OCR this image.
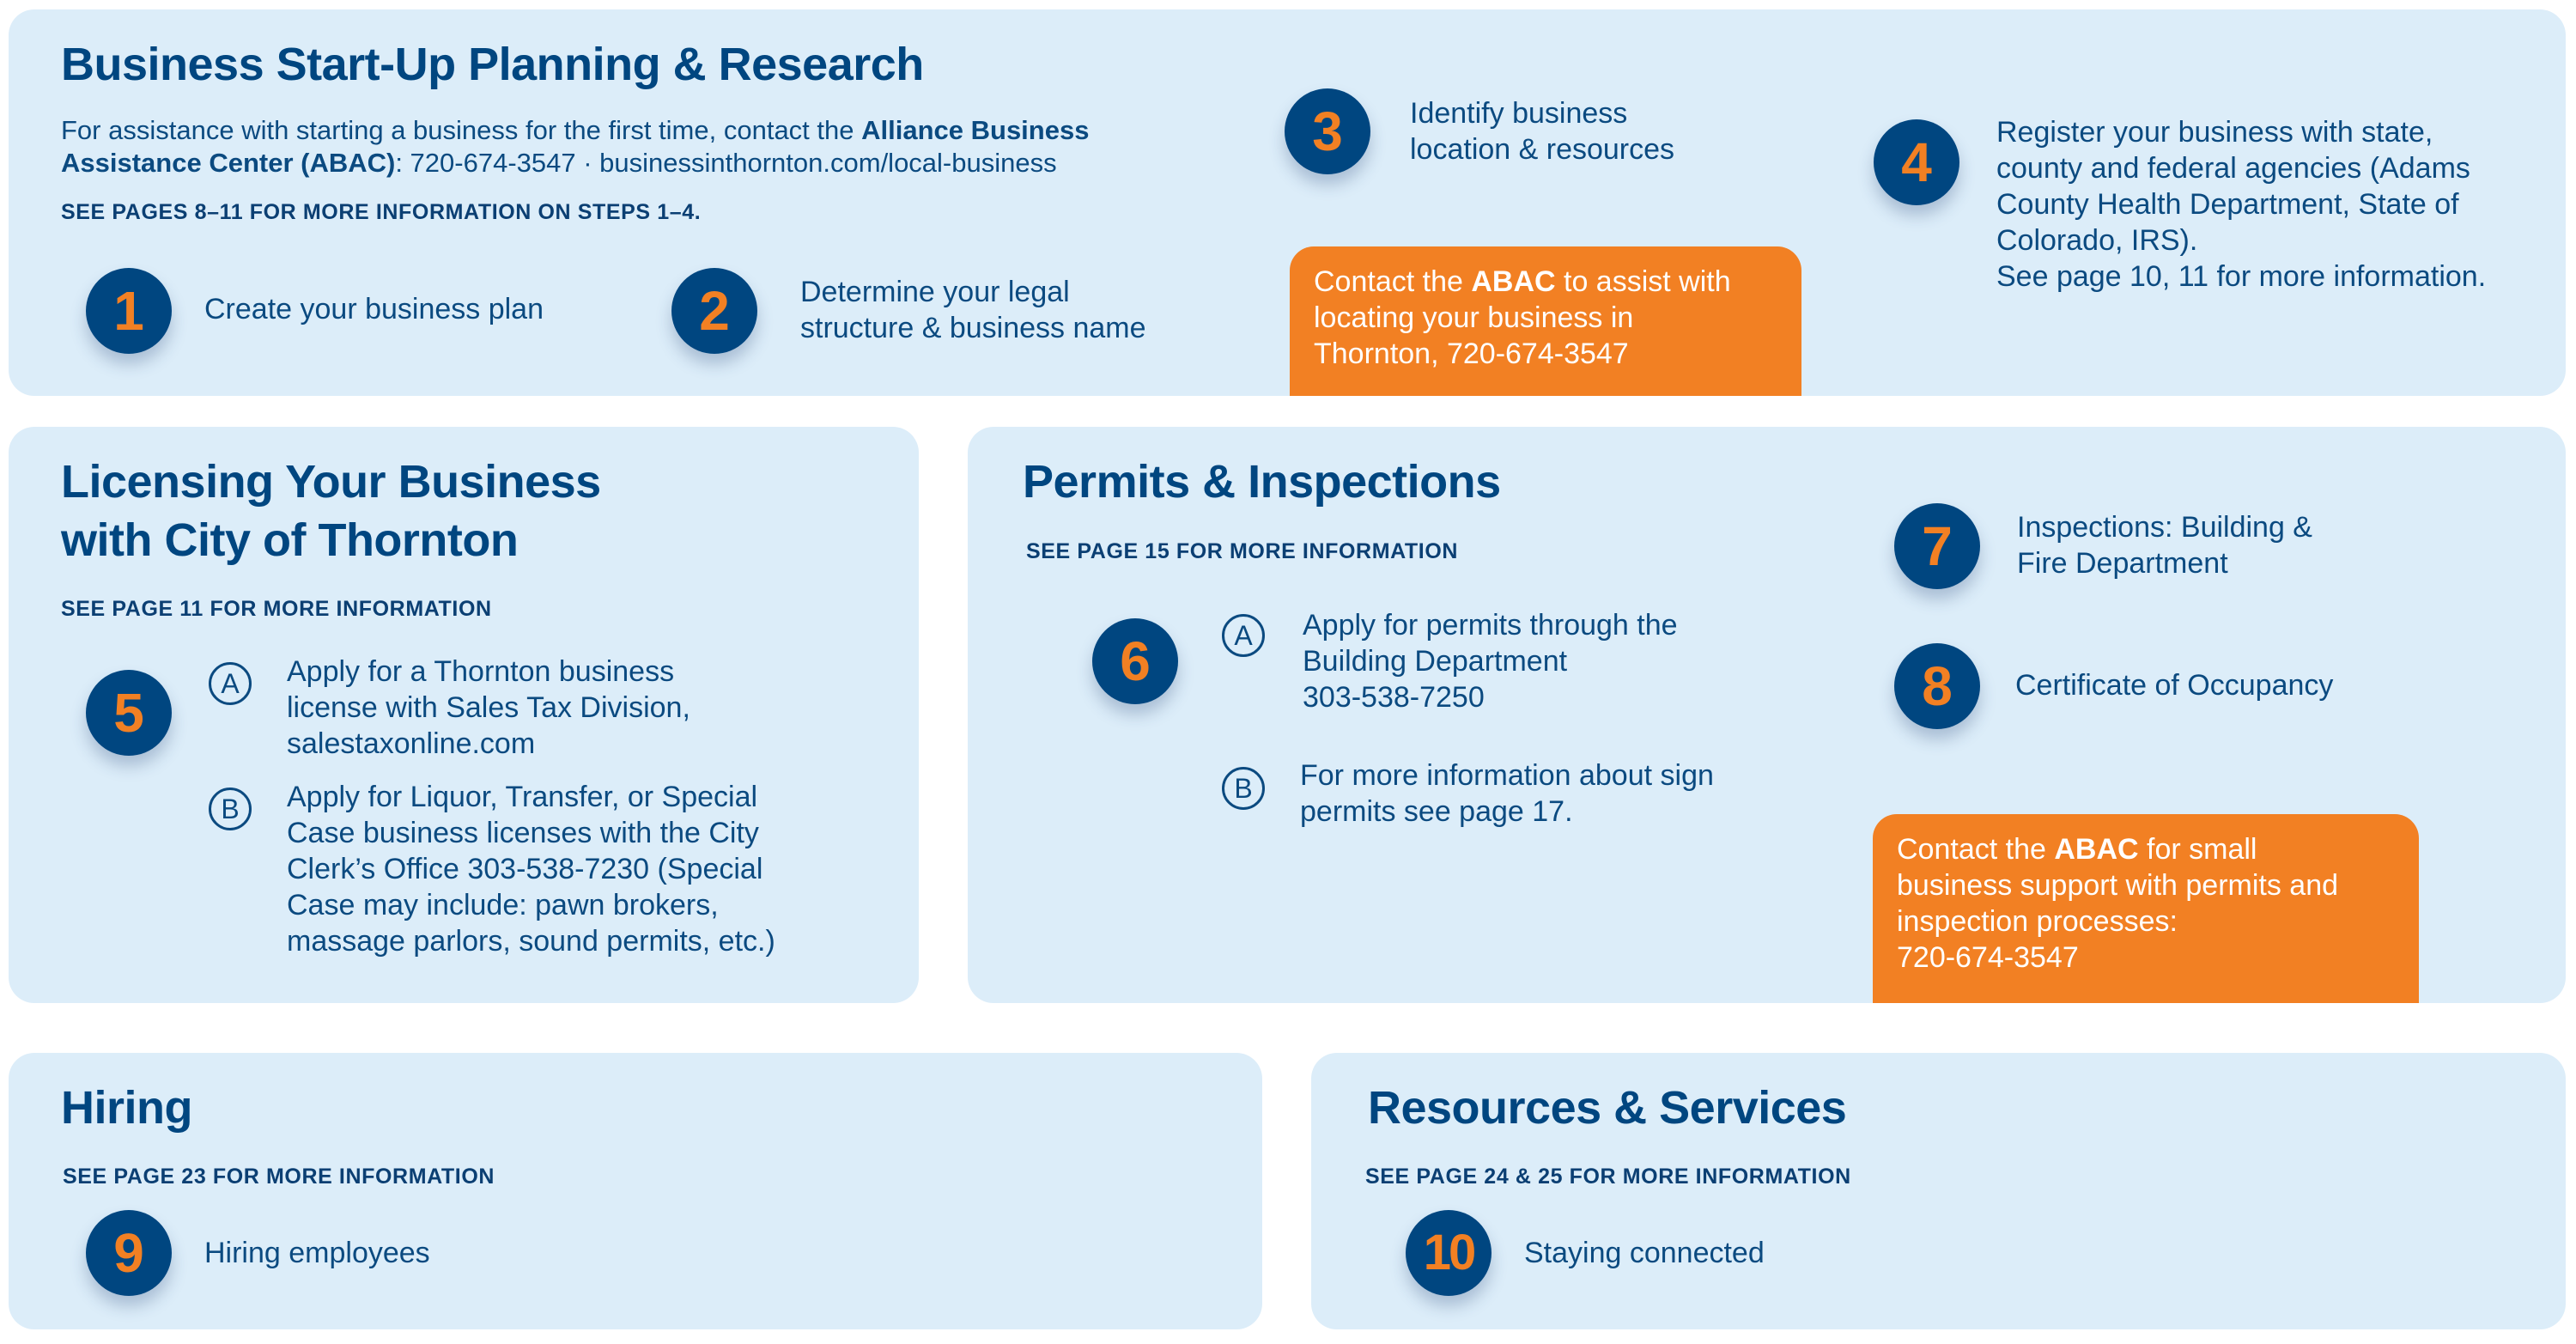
Business Start-Up Planning & Research
For assistance with starting a business for the first time, contact the Alliance Business Assistance Center (ABAC): 720-674-3547 · businessinthornton.com/local-business
SEE PAGES 8–11 FOR MORE INFORMATION ON STEPS 1–4.
1 Create your business plan	2 Determine your legal
structure & business name
3 Identify business
location & resources
Contact the ABAC to assist with
locating your business in
Thornton, 720-674-3547
4 Register your business with state,
county and federal agencies (Adams
County Health Department, State of
Colorado, IRS).
See page 10, 11 for more information.
Licensing Your Business
with City of Thornton
SEE PAGE 11 FOR MORE INFORMATION
5	A Apply for a Thornton business
license with Sales Tax Division,
salestaxonline.com
B Apply for Liquor, Transfer, or Special
Case business licenses with the City
Clerk’s Office 303-538-7230 (Special
Case may include: pawn brokers,
massage parlors, sound permits, etc.)
Permits & Inspections
SEE PAGE 15 FOR MORE INFORMATION
6	A Apply for permits through the
Building Department
303-538-7250
B For more information about sign
permits see page 17.
7 Inspections: Building &
Fire Department
8 Certificate of Occupancy
Contact the ABAC for small
business support with permits and
inspection processes:
720-674-3547
Hiring
SEE PAGE 23 FOR MORE INFORMATION
9 Hiring employees
Resources & Services
SEE PAGE 24 & 25 FOR MORE INFORMATION
10 Staying connected
